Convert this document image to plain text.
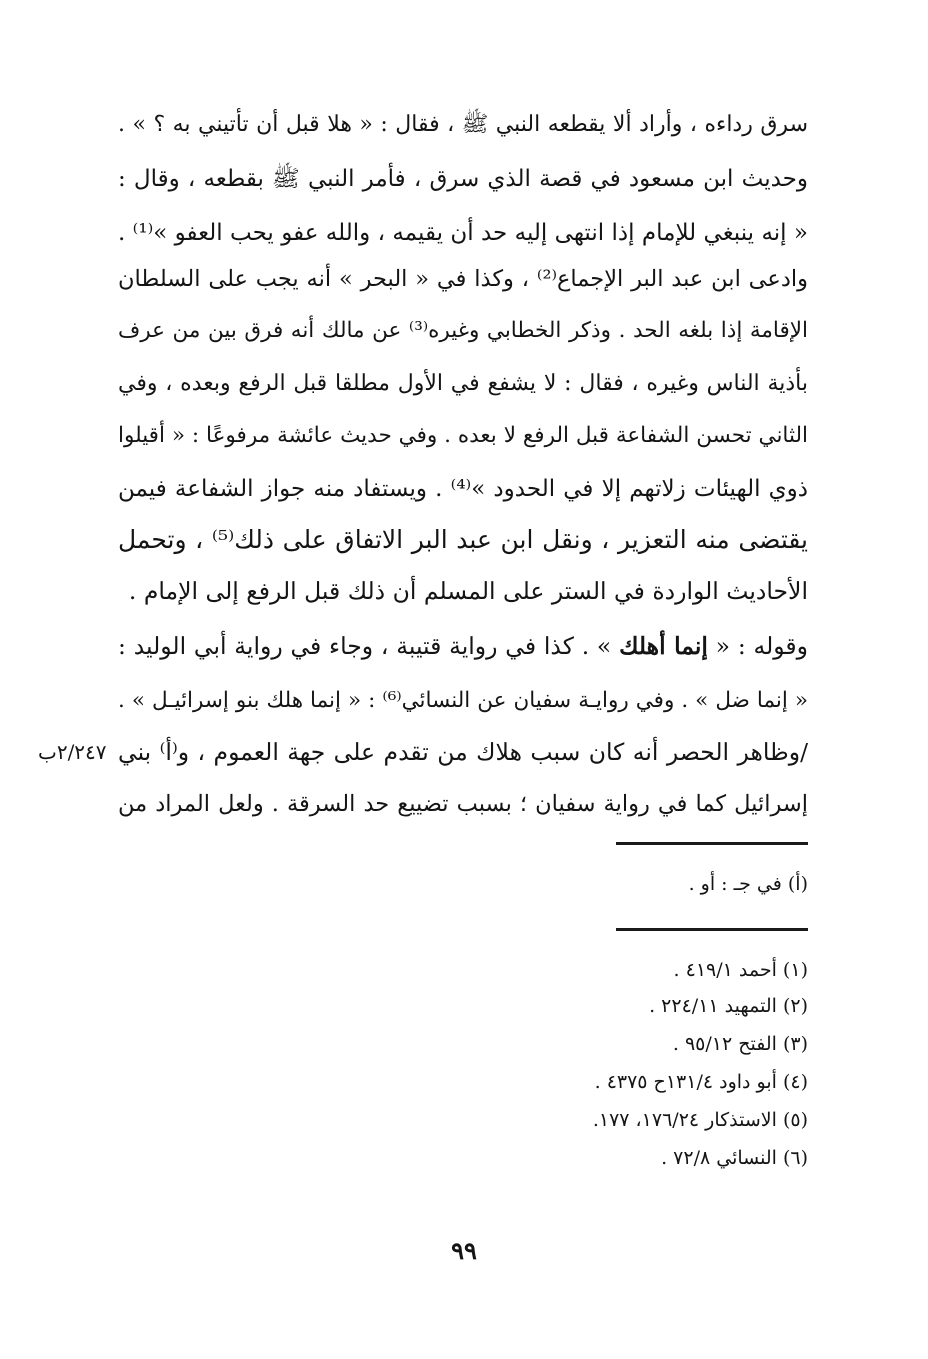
سرق رداءه ، وأراد ألا يقطعه النبي ﷺ ، فقال : « هلا قبل أن تأتيني به ؟ » .
وحديث ابن مسعود في قصة الذي سرق ، فأمر النبي ﷺ بقطعه ، وقال :
« إنه ينبغي للإمام إذا انتهى إليه حد أن يقيمه ، والله عفو يحب العفو »⁽¹⁾ .
وادعى ابن عبد البر الإجماع⁽²⁾ ، وكذا في « البحر » أنه يجب على السلطان
الإقامة إذا بلغه الحد . وذكر الخطابي وغيره⁽³⁾ عن مالك أنه فرق بين من عرف
بأذية الناس وغيره ، فقال : لا يشفع في الأول مطلقا قبل الرفع وبعده ، وفي
الثاني تحسن الشفاعة قبل الرفع لا بعده . وفي حديث عائشة مرفوعًا : « أقيلوا
ذوي الهيئات زلاتهم إلا في الحدود »⁽⁴⁾ . ويستفاد منه جواز الشفاعة فيمن
يقتضى منه التعزير ، ونقل ابن عبد البر الاتفاق على ذلك⁽⁵⁾ ، وتحمل
الأحاديث الواردة في الستر على المسلم أن ذلك قبل الرفع إلى الإمام .
وقوله : « إنما أهلك » . كذا في رواية قتيبة ، وجاء في رواية أبي الوليد :
« إنما ضل » . وفي روايـة سفيان عن النسائي⁽⁶⁾ : « إنما هلك بنو إسرائيـل » .
/وظاهر الحصر أنه كان سبب هلاك من تقدم على جهة العموم ، و⁽أ⁾ بني
إسرائيل كما في رواية سفيان ؛ بسبب تضييع حد السرقة . ولعل المراد من
٢/٢٤٧ب
(أ) في جـ : أو .
(١) أحمد ٤١٩/١ .
(٢) التمهيد ٢٢٤/١١ .
(٣) الفتح ٩٥/١٢ .
(٤) أبو داود ١٣١/٤ح ٤٣٧٥ .
(٥) الاستذكار ١٧٦/٢٤، ١٧٧.
(٦) النسائي ٧٢/٨ .
٩٩
